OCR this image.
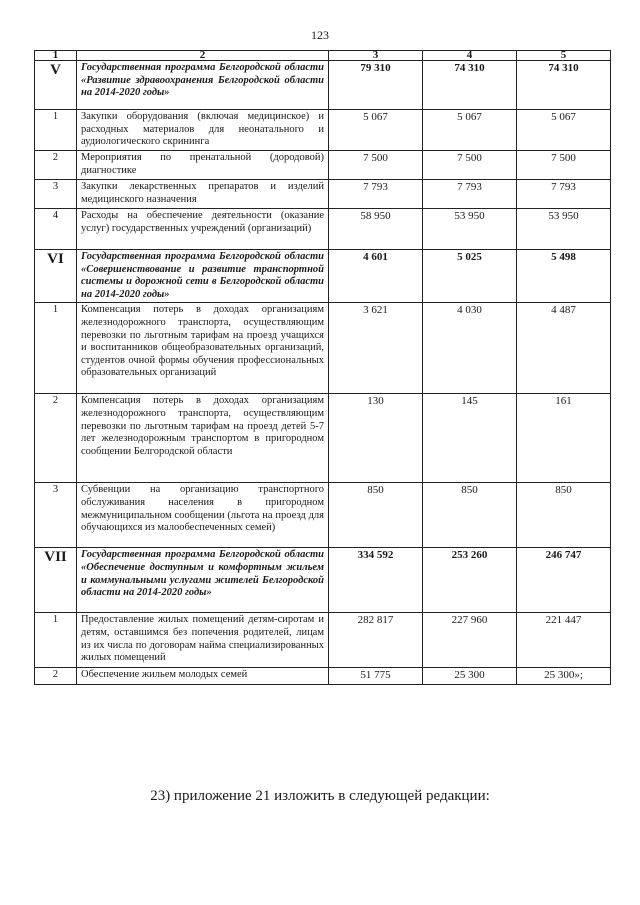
123
1	2	3	4	5
V	Государственная программа Белгородской области «Развитие здравоохранения Белгородской области на 2014-2020 годы»	79 310	74 310	74 310
1	Закупки оборудования (включая медицинское) и расходных материалов для неонатального и аудиологического скрининга	5 067	5 067	5 067
2	Мероприятия по пренатальной (дородовой) диагностике	7 500	7 500	7 500
3	Закупки лекарственных препаратов и изделий медицинского назначения	7 793	7 793	7 793
4	Расходы на обеспечение деятельности (оказание услуг) государственных учреждений (организаций)	58 950	53 950	53 950
VI	Государственная программа Белгородской области «Совершенствование и развитие транспортной системы и дорожной сети в Белгородской области на 2014-2020 годы»	4 601	5 025	5 498
1	Компенсация потерь в доходах организациям железнодорожного транспорта, осуществляющим перевозки по льготным тарифам на проезд учащихся и воспитанников общеобразовательных организаций, студентов очной формы обучения профессиональных образовательных организаций	3 621	4 030	4 487
2	Компенсация потерь в доходах организациям железнодорожного транспорта, осуществляющим перевозки по льготным тарифам на проезд детей 5-7 лет железнодорожным транспортом в пригородном сообщении Белгородской области	130	145	161
3	Субвенции на организацию транспортного обслуживания населения в пригородном межмуниципальном сообщении (льгота на проезд для обучающихся из малообеспеченных семей)	850	850	850
VII	Государственная программа Белгородской области «Обеспечение доступным и комфортным жильем и коммунальными услугами жителей Белгородской области на 2014-2020 годы»	334 592	253 260	246 747
1	Предоставление жилых помещений детям-сиротам и детям, оставшимся без попечения родителей, лицам из их числа по договорам найма специализированных жилых помещений	282 817	227 960	221 447
2	Обеспечение жильем молодых семей	51 775	25 300	25 300»;
23) приложение 21 изложить в следующей редакции:
